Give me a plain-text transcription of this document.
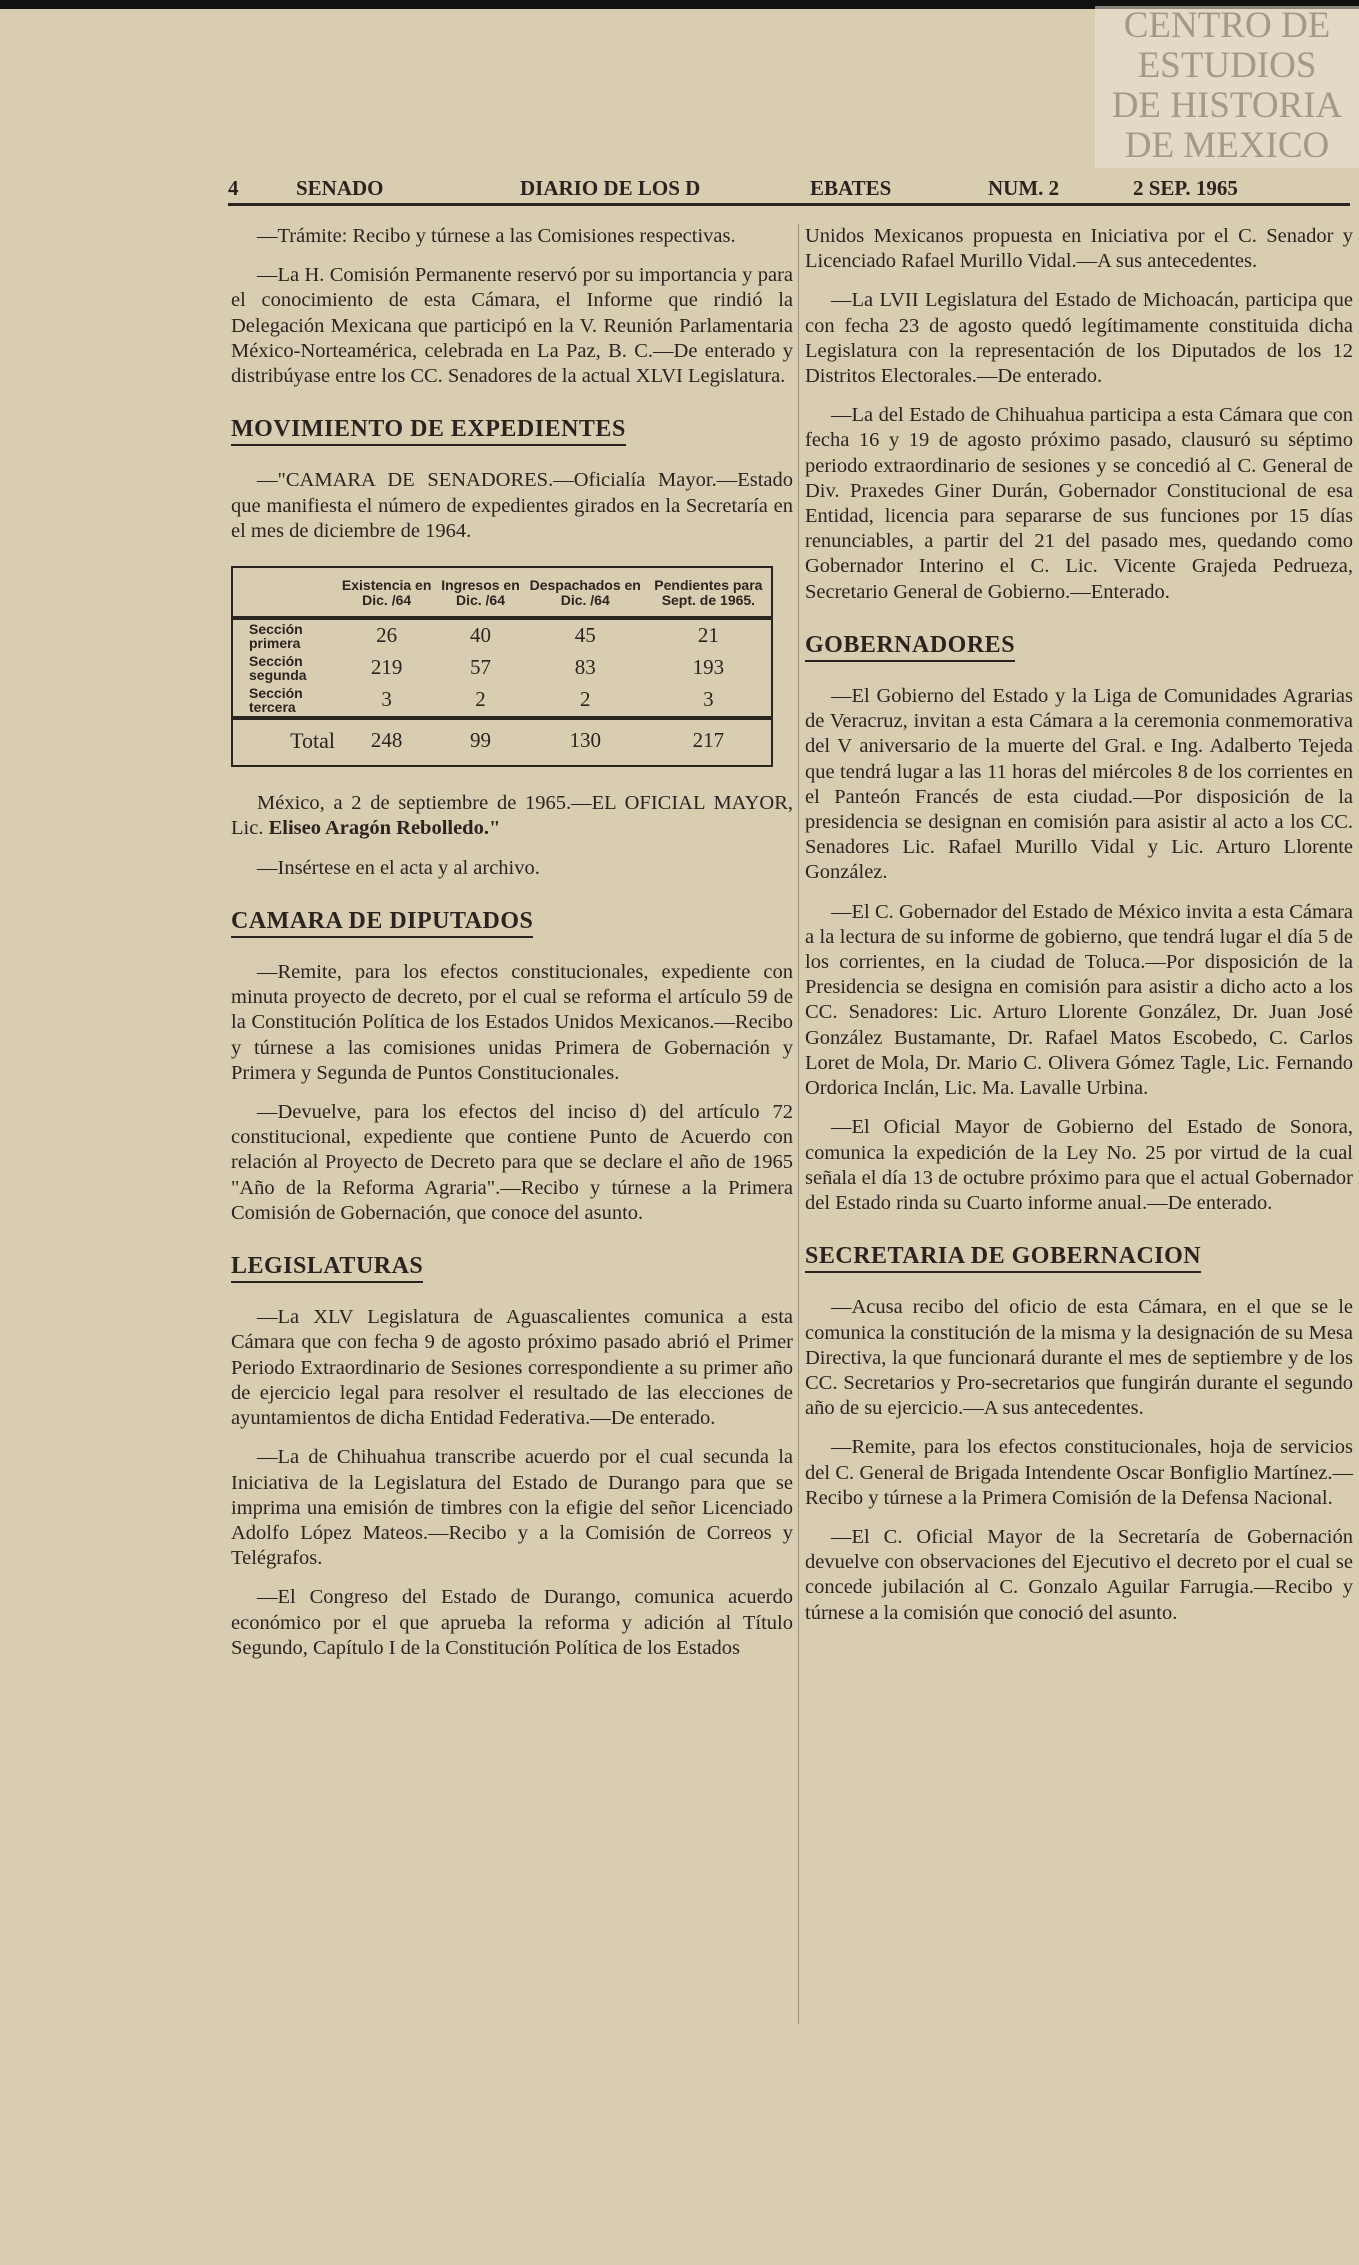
CENTRO DE
ESTUDIOS
DE HISTORIA
DE MEXICO
4	SENADO	DIARIO DE LOS D	EBATES	NUM. 2	2 SEP. 1965

—Trámite: Recibo y túrnese a las Comisiones respectivas.

—La H. Comisión Permanente reservó por su importancia y para el conocimiento de esta Cámara, el Informe que rindió la Delegación Mexicana que participó en la V. Reunión Parlamentaria México-Norteamérica, celebrada en La Paz, B. C.—De enterado y distribúyase entre los CC. Senadores de la actual XLVI Legislatura.

MOVIMIENTO DE EXPEDIENTES

—"CAMARA DE SENADORES.—Oficialía Mayor.—Estado que manifiesta el número de expedientes girados en la Secretaría en el mes de diciembre de 1964.

	Existencia en Dic. /64	Ingresos en Dic. /64	Despachados en Dic. /64	Pendientes para Sept. de 1965.
Sección primera	26	40	45	21
Sección segunda	219	57	83	193
Sección tercera	3	2	2	3
Total	248	99	130	217

México, a 2 de septiembre de 1965.—EL OFICIAL MAYOR, Lic. Eliseo Aragón Rebolledo."

—Insértese en el acta y al archivo.

CAMARA DE DIPUTADOS

—Remite, para los efectos constitucionales, expediente con minuta proyecto de decreto, por el cual se reforma el artículo 59 de la Constitución Política de los Estados Unidos Mexicanos.—Recibo y túrnese a las comisiones unidas Primera de Gobernación y Primera y Segunda de Puntos Constitucionales.

—Devuelve, para los efectos del inciso d) del artículo 72 constitucional, expediente que contiene Punto de Acuerdo con relación al Proyecto de Decreto para que se declare el año de 1965 "Año de la Reforma Agraria".—Recibo y túrnese a la Primera Comisión de Gobernación, que conoce del asunto.

LEGISLATURAS

—La XLV Legislatura de Aguascalientes comunica a esta Cámara que con fecha 9 de agosto próximo pasado abrió el Primer Periodo Extraordinario de Sesiones correspondiente a su primer año de ejercicio legal para resolver el resultado de las elecciones de ayuntamientos de dicha Entidad Federativa.—De enterado.

—La de Chihuahua transcribe acuerdo por el cual secunda la Iniciativa de la Legislatura del Estado de Durango para que se imprima una emisión de timbres con la efigie del señor Licenciado Adolfo López Mateos.—Recibo y a la Comisión de Correos y Telégrafos.

—El Congreso del Estado de Durango, comunica acuerdo económico por el que aprueba la reforma y adición al Título Segundo, Capítulo I de la Constitución Política de los Estados

Unidos Mexicanos propuesta en Iniciativa por el C. Senador y Licenciado Rafael Murillo Vidal.—A sus antecedentes.

—La LVII Legislatura del Estado de Michoacán, participa que con fecha 23 de agosto quedó legítimamente constituida dicha Legislatura con la representación de los Diputados de los 12 Distritos Electorales.—De enterado.

—La del Estado de Chihuahua participa a esta Cámara que con fecha 16 y 19 de agosto próximo pasado, clausuró su séptimo periodo extraordinario de sesiones y se concedió al C. General de Div. Praxedes Giner Durán, Gobernador Constitucional de esa Entidad, licencia para separarse de sus funciones por 15 días renunciables, a partir del 21 del pasado mes, quedando como Gobernador Interino el C. Lic. Vicente Grajeda Pedrueza, Secretario General de Gobierno.—Enterado.

GOBERNADORES

—El Gobierno del Estado y la Liga de Comunidades Agrarias de Veracruz, invitan a esta Cámara a la ceremonia conmemorativa del V aniversario de la muerte del Gral. e Ing. Adalberto Tejeda que tendrá lugar a las 11 horas del miércoles 8 de los corrientes en el Panteón Francés de esta ciudad.—Por disposición de la presidencia se designan en comisión para asistir al acto a los CC. Senadores Lic. Rafael Murillo Vidal y Lic. Arturo Llorente González.

—El C. Gobernador del Estado de México invita a esta Cámara a la lectura de su informe de gobierno, que tendrá lugar el día 5 de los corrientes, en la ciudad de Toluca.—Por disposición de la Presidencia se designa en comisión para asistir a dicho acto a los CC. Senadores: Lic. Arturo Llorente González, Dr. Juan José González Bustamante, Dr. Rafael Matos Escobedo, C. Carlos Loret de Mola, Dr. Mario C. Olivera Gómez Tagle, Lic. Fernando Ordorica Inclán, Lic. Ma. Lavalle Urbina.

—El Oficial Mayor de Gobierno del Estado de Sonora, comunica la expedición de la Ley No. 25 por virtud de la cual señala el día 13 de octubre próximo para que el actual Gobernador del Estado rinda su Cuarto informe anual.—De enterado.

SECRETARIA DE GOBERNACION

—Acusa recibo del oficio de esta Cámara, en el que se le comunica la constitución de la misma y la designación de su Mesa Directiva, la que funcionará durante el mes de septiembre y de los CC. Secretarios y Pro-secretarios que fungirán durante el segundo año de su ejercicio.—A sus antecedentes.

—Remite, para los efectos constitucionales, hoja de servicios del C. General de Brigada Intendente Oscar Bonfiglio Martínez.—Recibo y túrnese a la Primera Comisión de la Defensa Nacional.

—El C. Oficial Mayor de la Secretaría de Gobernación devuelve con observaciones del Ejecutivo el decreto por el cual se concede jubilación al C. Gonzalo Aguilar Farrugia.—Recibo y túrnese a la comisión que conoció del asunto.
